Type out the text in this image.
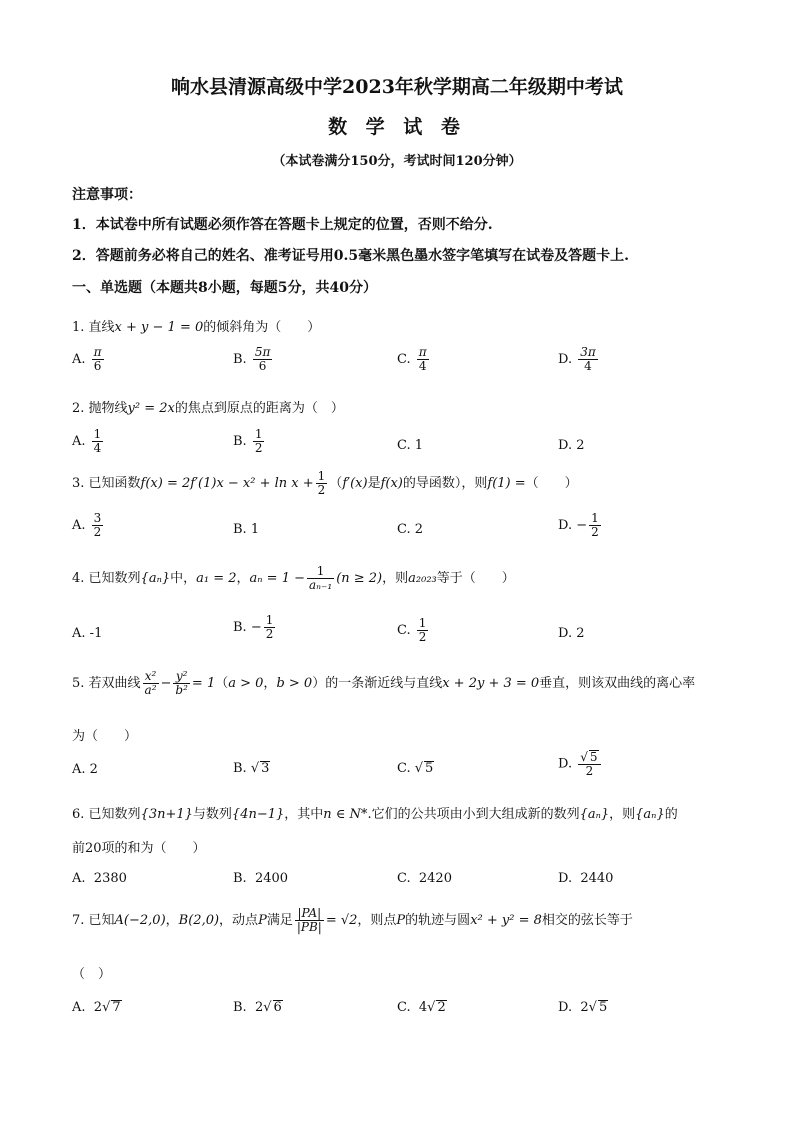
响水县清源高级中学2023年秋学期高二年级期中考试
数 学 试 卷
（本试卷满分150分，考试时间120分钟）
注意事项：
1．本试卷中所有试题必须作答在答题卡上规定的位置，否则不给分.
2．答题前务必将自己的姓名、准考证号用0.5毫米黑色墨水签字笔填写在试卷及答题卡上.
一、单选题（本题共8小题，每题5分，共40分）
1. 直线x + y − 1 = 0的倾斜角为（　　）
A. $\frac{\pi}{6}$	B. $\frac{5\pi}{6}$	C. $\frac{\pi}{4}$	D. $\frac{3\pi}{4}$
2. 抛物线y² = 2x的焦点到原点的距离为（　）
A. $\frac{1}{4}$	B. $\frac{1}{2}$	C. 1	D. 2
3. 已知函数$f(x) = 2f'(1)x - x^2 + \ln x + \frac{1}{2} (f'(x)$是f(x)的导函数），则f(1) =（　　）
A. $\frac{3}{2}$	B. 1	C. 2	D. − $\frac{1}{2}$
4. 已知数列{aₙ}中，a₁ = 2，$a_n = 1 - \frac{1}{\text{aₙ₋₁}} (n \ge 2)$，则a₂₀₂₃等于（　　）
A. -1	B. − $\frac{1}{2}$	C. $\frac{1}{2}$	D. 2
5. 若双曲线 $\frac{\text{x²}}{\text{a²}} - \frac{\text{y²}}{\text{b²}} = 1(a > 0$，b > 0）的一条渐近线与直线x + 2y + 3 = 0垂直，则该双曲线的离心率
为（　　）
A. 2	B. √ 3	C. √ 5	D. $\frac{√ 5}{2}$
6. 已知数列{3n+1}与数列{4n−1}，其中n ∈ N*.它们的公共项由小到大组成新的数列{aₙ}，则{aₙ}的
前20项的和为（　　）
A. 2380	B. 2400	C. 2420	D. 2440
7. 已知A(−2,0)，B(2,0)，动点P满足 $\frac{|PA|}{|PB|} = √2$，则点P的轨迹与圆x² + y² = 8相交的弦长等于
（　）
A. 2√ 7	B. 2√ 6	C. 4√ 2	D. 2√ 5
